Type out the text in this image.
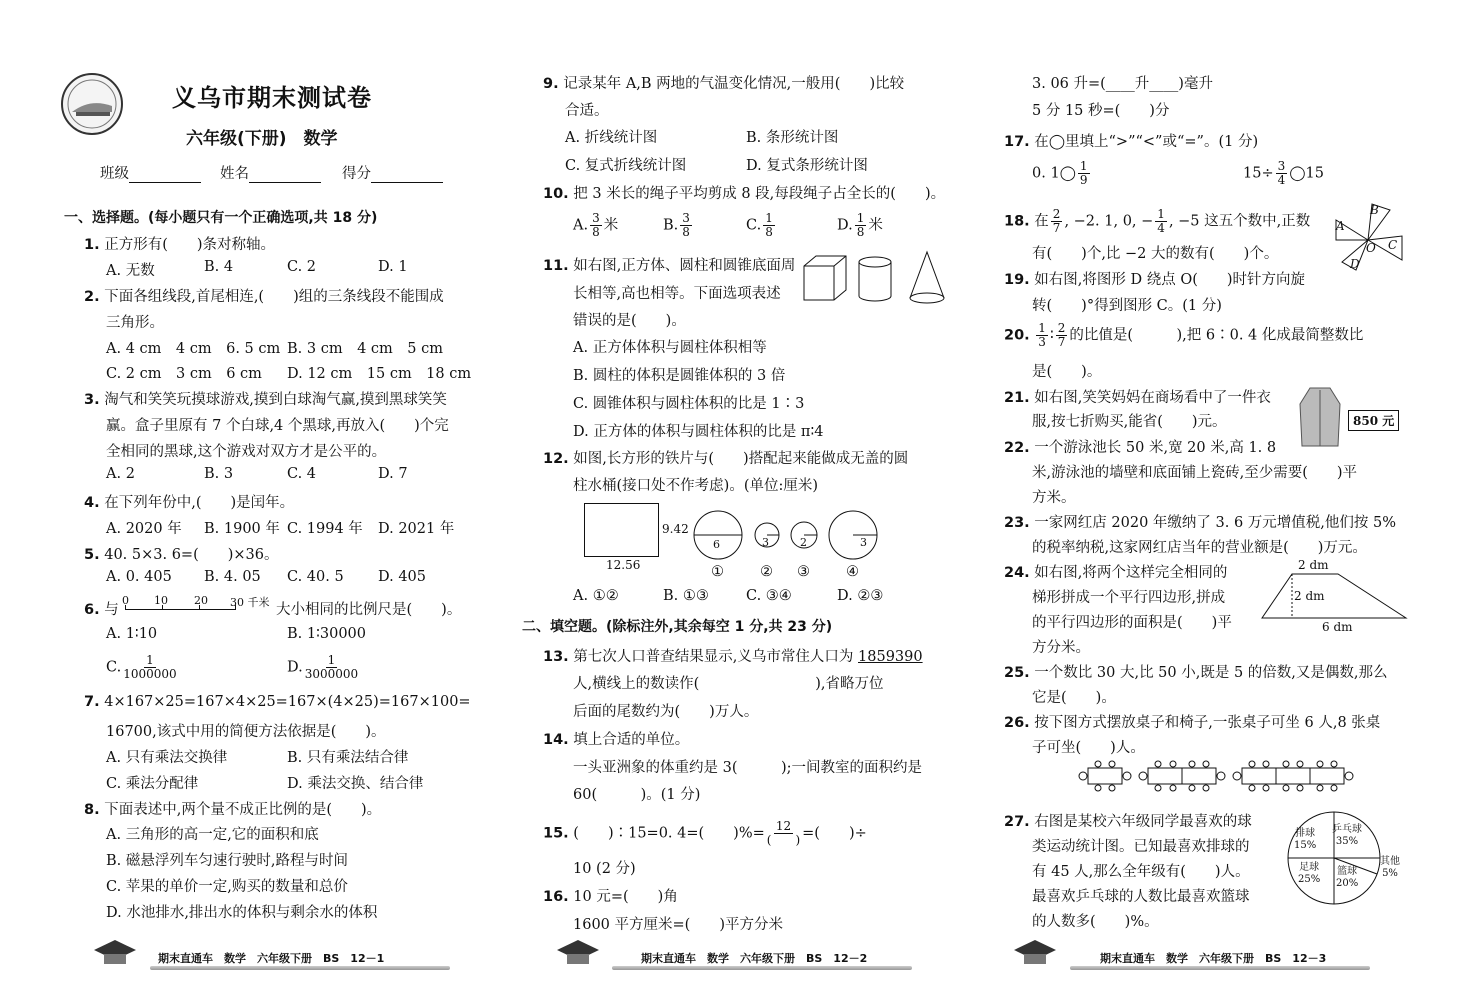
义乌市期末测试卷
六年级(下册)　数学
班级	姓名	得分
一、选择题。(每小题只有一个正确选项,共 18 分)
1. 正方形有(　　)条对称轴。
A. 无数	B. 4	C. 2	D. 1
2. 下面各组线段,首尾相连,(　　)组的三条线段不能围成
三角形。
A. 4 cm　4 cm　6. 5 cm B. 3 cm　4 cm　5 cm
C. 2 cm　3 cm　6 cm D. 12 cm　15 cm　18 cm
3. 淘气和笑笑玩摸球游戏,摸到白球淘气赢,摸到黑球笑笑
赢。盒子里原有 7 个白球,4 个黑球,再放入(　　)个完
全相同的黑球,这个游戏对双方才是公平的。
A. 2	B. 3	C. 4	D. 7
4. 在下列年份中,(　　)是闰年。
A. 2020 年 B. 1900 年 C. 1994 年 D. 2021 年
5. 40. 5×3. 6=(　　)×36。
A. 0. 405 B. 4. 05 C. 40. 5 D. 405
6. 与
0 10 20 30 千米 大小相同的比例尺是(　　)。
A. 1∶10	B. 1∶30000
C. $\frac{1}{1000000}$	D. $\frac{1}{3000000}$
7. 4×167×25=167×4×25=167×(4×25)=167×100=
16700,该式中用的简便方法依据是(　　)。
A. 只有乘法交换律	B. 只有乘法结合律
C. 乘法分配律	D. 乘法交换、结合律
8. 下面表述中,两个量不成正比例的是(　　)。
A. 三角形的高一定,它的面积和底
B. 磁悬浮列车匀速行驶时,路程与时间
C. 苹果的单价一定,购买的数量和总价
D. 水池排水,排出水的体积与剩余水的体积
9. 记录某年 A,B 两地的气温变化情况,一般用(　　)比较
合适。
A. 折线统计图	B. 条形统计图
C. 复式折线统计图	D. 复式条形统计图
10. 把 3 米长的绳子平均剪成 8 段,每段绳子占全长的(　　)。
A. $\frac{3}{8}$ 米	B. $\frac{3}{8}$	C. $\frac{1}{8}$	D. $\frac{1}{8}$ 米
11. 如右图,正方体、圆柱和圆锥底面周
长相等,高也相等。下面选项表述
错误的是(　　)。
A. 正方体体积与圆柱体积相等
B. 圆柱的体积是圆锥体积的 3 倍
C. 圆锥体积与圆柱体积的比是 1∶3
D. 正方体的体积与圆柱体积的比是 π∶4
12. 如图,长方形的铁片与(　　)搭配起来能做成无盖的圆
柱水桶(接口处不作考虑)。(单位:厘米)
9.42
12.56
6	3	2	3
① ② ③ ④
A. ①②	B. ①③	C. ③④	D. ②③
二、填空题。(除标注外,其余每空 1 分,共 23 分)
13. 第七次人口普查结果显示,义乌市常住人口为 1859390
人,横线上的数读作(　　　　　　　　),省略万位
后面的尾数约为(　　)万人。
14. 填上合适的单位。
一头亚洲象的体重约是 3(　　　);一间教室的面积约是
60(　　　)。(1 分)
15. (　　)∶15=0. 4=(　　)%= $\frac{12}{( )}$ =(　　)÷
10 (2 分)
16. 10 元=(　　)角
1600 平方厘米=(　　)平方分米
3. 06 升=(____升____)毫升
5 分 15 秒=(　　)分
17. 在◯里填上“>”“<”或“=”。(1 分)
0. 1◯ $\frac{1}{9}$	$15\div \frac{3}{4}$ ◯15
18. 在 $\frac{2}{7}$ , −2. 1, 0, − $\frac{1}{4}$ , −5 这五个数中,正数
有(　　)个,比 −2 大的数有(　　)个。
A
B
C
D
O
19. 如右图,将图形 D 绕点 O(　　)时针方向旋
转(　　)°得到图形 C。(1 分)
20. $\frac{1}{3}$ ∶ $\frac{2}{7}$ 的比值是(　　　),把 6∶0. 4 化成最简整数比
是(　　)。
21. 如右图,笑笑妈妈在商场看中了一件衣
服,按七折购买,能省(　　)元。	850 元
22. 一个游泳池长 50 米,宽 20 米,高 1. 8
米,游泳池的墙壁和底面铺上瓷砖,至少需要(　　)平
方米。
23. 一家网红店 2020 年缴纳了 3. 6 万元增值税,他们按 5%
的税率纳税,这家网红店当年的营业额是(　　)万元。
24. 如右图,将两个这样完全相同的
梯形拼成一个平行四边形,拼成
的平行四边形的面积是(　　)平
方分米。
2 dm
2 dm
6 dm
25. 一个数比 30 大,比 50 小,既是 5 的倍数,又是偶数,那么
它是(　　)。
26. 按下图方式摆放桌子和椅子,一张桌子可坐 6 人,8 张桌
子可坐(　　)人。
27. 右图是某校六年级同学最喜欢的球
类运动统计图。已知最喜欢排球的
有 45 人,那么全年级有(　　)人。
最喜欢乒乓球的人数比最喜欢篮球
的人数多(　　)%。
排球
15%
乒乓球
35%
足球
25%
篮球
20%
其他
5%
期末直通车　数学　六年级下册　BS　12－1	期末直通车　数学　六年级下册　BS　12－2	期末直通车　数学　六年级下册　BS　12－3
